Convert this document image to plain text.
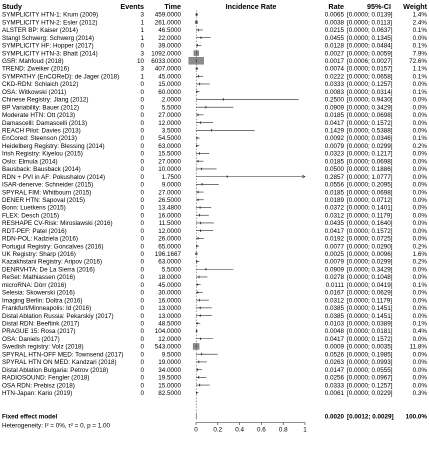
Study	Events	Time	Incidence Rate	Rate	95%-CI Weight
SYMPLICITY HTN-1: Krum (2009)	3 459.0000	0.0065 [0.0000; 0.0139]	1.4%
SYMPLICITY HTN-2: Esler (2012)	1 261.0000	0.0038 [0.0000; 0.0113]	2.4%
ALSTER BP: Kaiser (2014)	1 46.5000	0.0215 [0.0000; 0.0637]	0.1%
Stangl Schwerg: Schwerg (2014)	1 22.0000	0.0455 [0.0000; 0.1345]	0.0%
SYMPLICITY HF: Hopper (2017)	0 39.0000	0.0128 [0.0000; 0.0484]	0.1%
SYMPLICITY HTN-3: Bhatt (2014)	3 1092.0000	0.0027 [0.0000; 0.0059]	7.9%
GSR: Mahfoud (2018)	10 6033.0000	0.0017 [0.0006; 0.0027]	72.6%
TREND: Zweiker (2016)	3 407.0000	0.0074 [0.0000; 0.0157]	1.1%
SYMPATHY (EnCOReD): de Jager (2018)	1 45.0000	0.0222 [0.0000; 0.0658]	0.1%
CKD-RDN: Schlaich (2012)	0 15.0000	0.0333 [0.0000; 0.1257]	0.0%
OSA: Witkowski (2011)	0 60.0000	0.0083 [0.0000; 0.0314]	0.1%
Chinese Registry: Jiang (2012)	0	2.0000	0.2500 [0.0000; 0.9430]	0.0%
BP Variability: Bauer (2012)	0	5.5000	0.0909 [0.0000; 0.3429]	0.0%
Moderate HTN: Ott (2013)	0 27.0000	0.0185 [0.0000; 0.0698]	0.0%
Damascelli: Damascelli (2013)	0 12.0000	0.0417 [0.0000; 0.1572]	0.0%
REACH Pilot: Davies (2013)	0	3.5000	0.1429 [0.0000; 0.5388]	0.0%
EnCored: Steenson (2013)	0 54.5000	0.0092 [0.0000; 0.0346]	0.1%
Heidelberg Registry: Blessing (2014)	0 63.0000	0.0079 [0.0000; 0.0299]	0.2%
Irish Registry: Kiyelou (2015)	0 15.5000	0.0323 [0.0000; 0.1217]	0.0%
Oslo: Elmula (2014)	0 27.0000	0.0185 [0.0000; 0.0698]	0.0%
Bausback: Bausback (2014)	0 10.0000	0.0500 [0.0000; 0.1886]	0.0%
RDN + PVI in AF: Pokushalov (2014)	0	1.7500	0.2857 [0.0000; 1.0777]	0.0%
ISAR-denerve: Schneider (2015)	0	9.0000	0.0556 [0.0000; 0.2095]	0.0%
SPYRAL FIM: Whitbourn (2015)	0 27.0000	0.0185 [0.0000; 0.0698]	0.0%
DENER HTN: Sapoval (2015)	0 26.5000	0.0189 [0.0000; 0.0712]	0.0%
Bonn: Luetkens (2015)	0 13.4800	0.0372 [0.0000; 0.1401]	0.0%
FLEX: Desch (2015)	0 16.0000	0.0312 [0.0000; 0.1179]	0.0%
RESHAPE CV-Risk: Miroslawski (2016)	0 11.5000	0.0435 [0.0000; 0.1640]	0.0%
RDT-PEF: Patel (2016)	0 12.0000	0.0417 [0.0000; 0.1572]	0.0%
RDN-POL: Kadziela (2016)	0 26.0000	0.0192 [0.0000; 0.0725]	0.0%
Portugul Registry: Goncalves (2016)	0 65.0000	0.0077 [0.0000; 0.0290]	0.2%
UK Registry: Sharp (2016)	0 196.1667	0.0025 [0.0000; 0.0096]	1.6%
Kazakhstani Registry: Aripov (2016)	0 63.0000	0.0079 [0.0000; 0.0299]	0.2%
DENRVHTA: De La Sierra (2016)	0	5.5000	0.0909 [0.0000; 0.3429]	0.0%
ReSet: Mathiassen (2016)	0 18.0000	0.0278 [0.0000; 0.1048]	0.0%
microRNA: Dörr (2016)	0 45.0000	0.0111 [0.0000; 0.0419]	0.1%
Selesia: Skowerski (2016)	0 30.0000	0.0167 [0.0000; 0.0629]	0.0%
Imaging Berlin: Doltra (2016)	0 16.0000	0.0312 [0.0000; 0.1179]	0.0%
Frankfurt/Minneapolis: Id (2016)	0 13.0000	0.0385 [0.0000; 0.1451]	0.0%
Distal Ablation Russia: Pekarskiy (2017)	0 13.0000	0.0385 [0.0000; 0.1451]	0.0%
Distal RDN: Beeftink (2017)	0 48.5000	0.0103 [0.0000; 0.0389]	0.1%
PRAGUE 15: Rosa (2017)	0 104.0000	0.0048 [0.0000; 0.0181]	0.4%
OSA: Daniels (2017)	0 12.0000	0.0417 [0.0000; 0.1572]	0.0%
Swedish registry: Volz (2018)	0 543.0000	0.0009 [0.0000; 0.0035]	11.8%
SPYRAL HTN-OFF MED: Townsend (2017)	0	9.5000	0.0526 [0.0000; 0.1985]	0.0%
SPYRAL HTN ON MED: Kandzari (2018)	0 19.0000	0.0263 [0.0000; 0.0993]	0.0%
Distal Ablation Bulgaria: Petrov (2018)	0 34.0000	0.0147 [0.0000; 0.0555]	0.0%
RADIOSOUND: Fengler (2018)	0 19.5000	0.0256 [0.0000; 0.0967]	0.0%
OSA RDN: Prebisz (2018)	0 15.0000	0.0333 [0.0000; 0.1257]	0.0%
HTN-Japan: Kario (2019)	0 82.5000	0.0061 [0.0000; 0.0229]	0.3%
Fixed effect model	0.0020 [0.0012; 0.0029] 100.0%
Heterogeneity: I² = 0%, τ² = 0, p = 1.00
0 0.2 0.4 0.6 0.8 1
